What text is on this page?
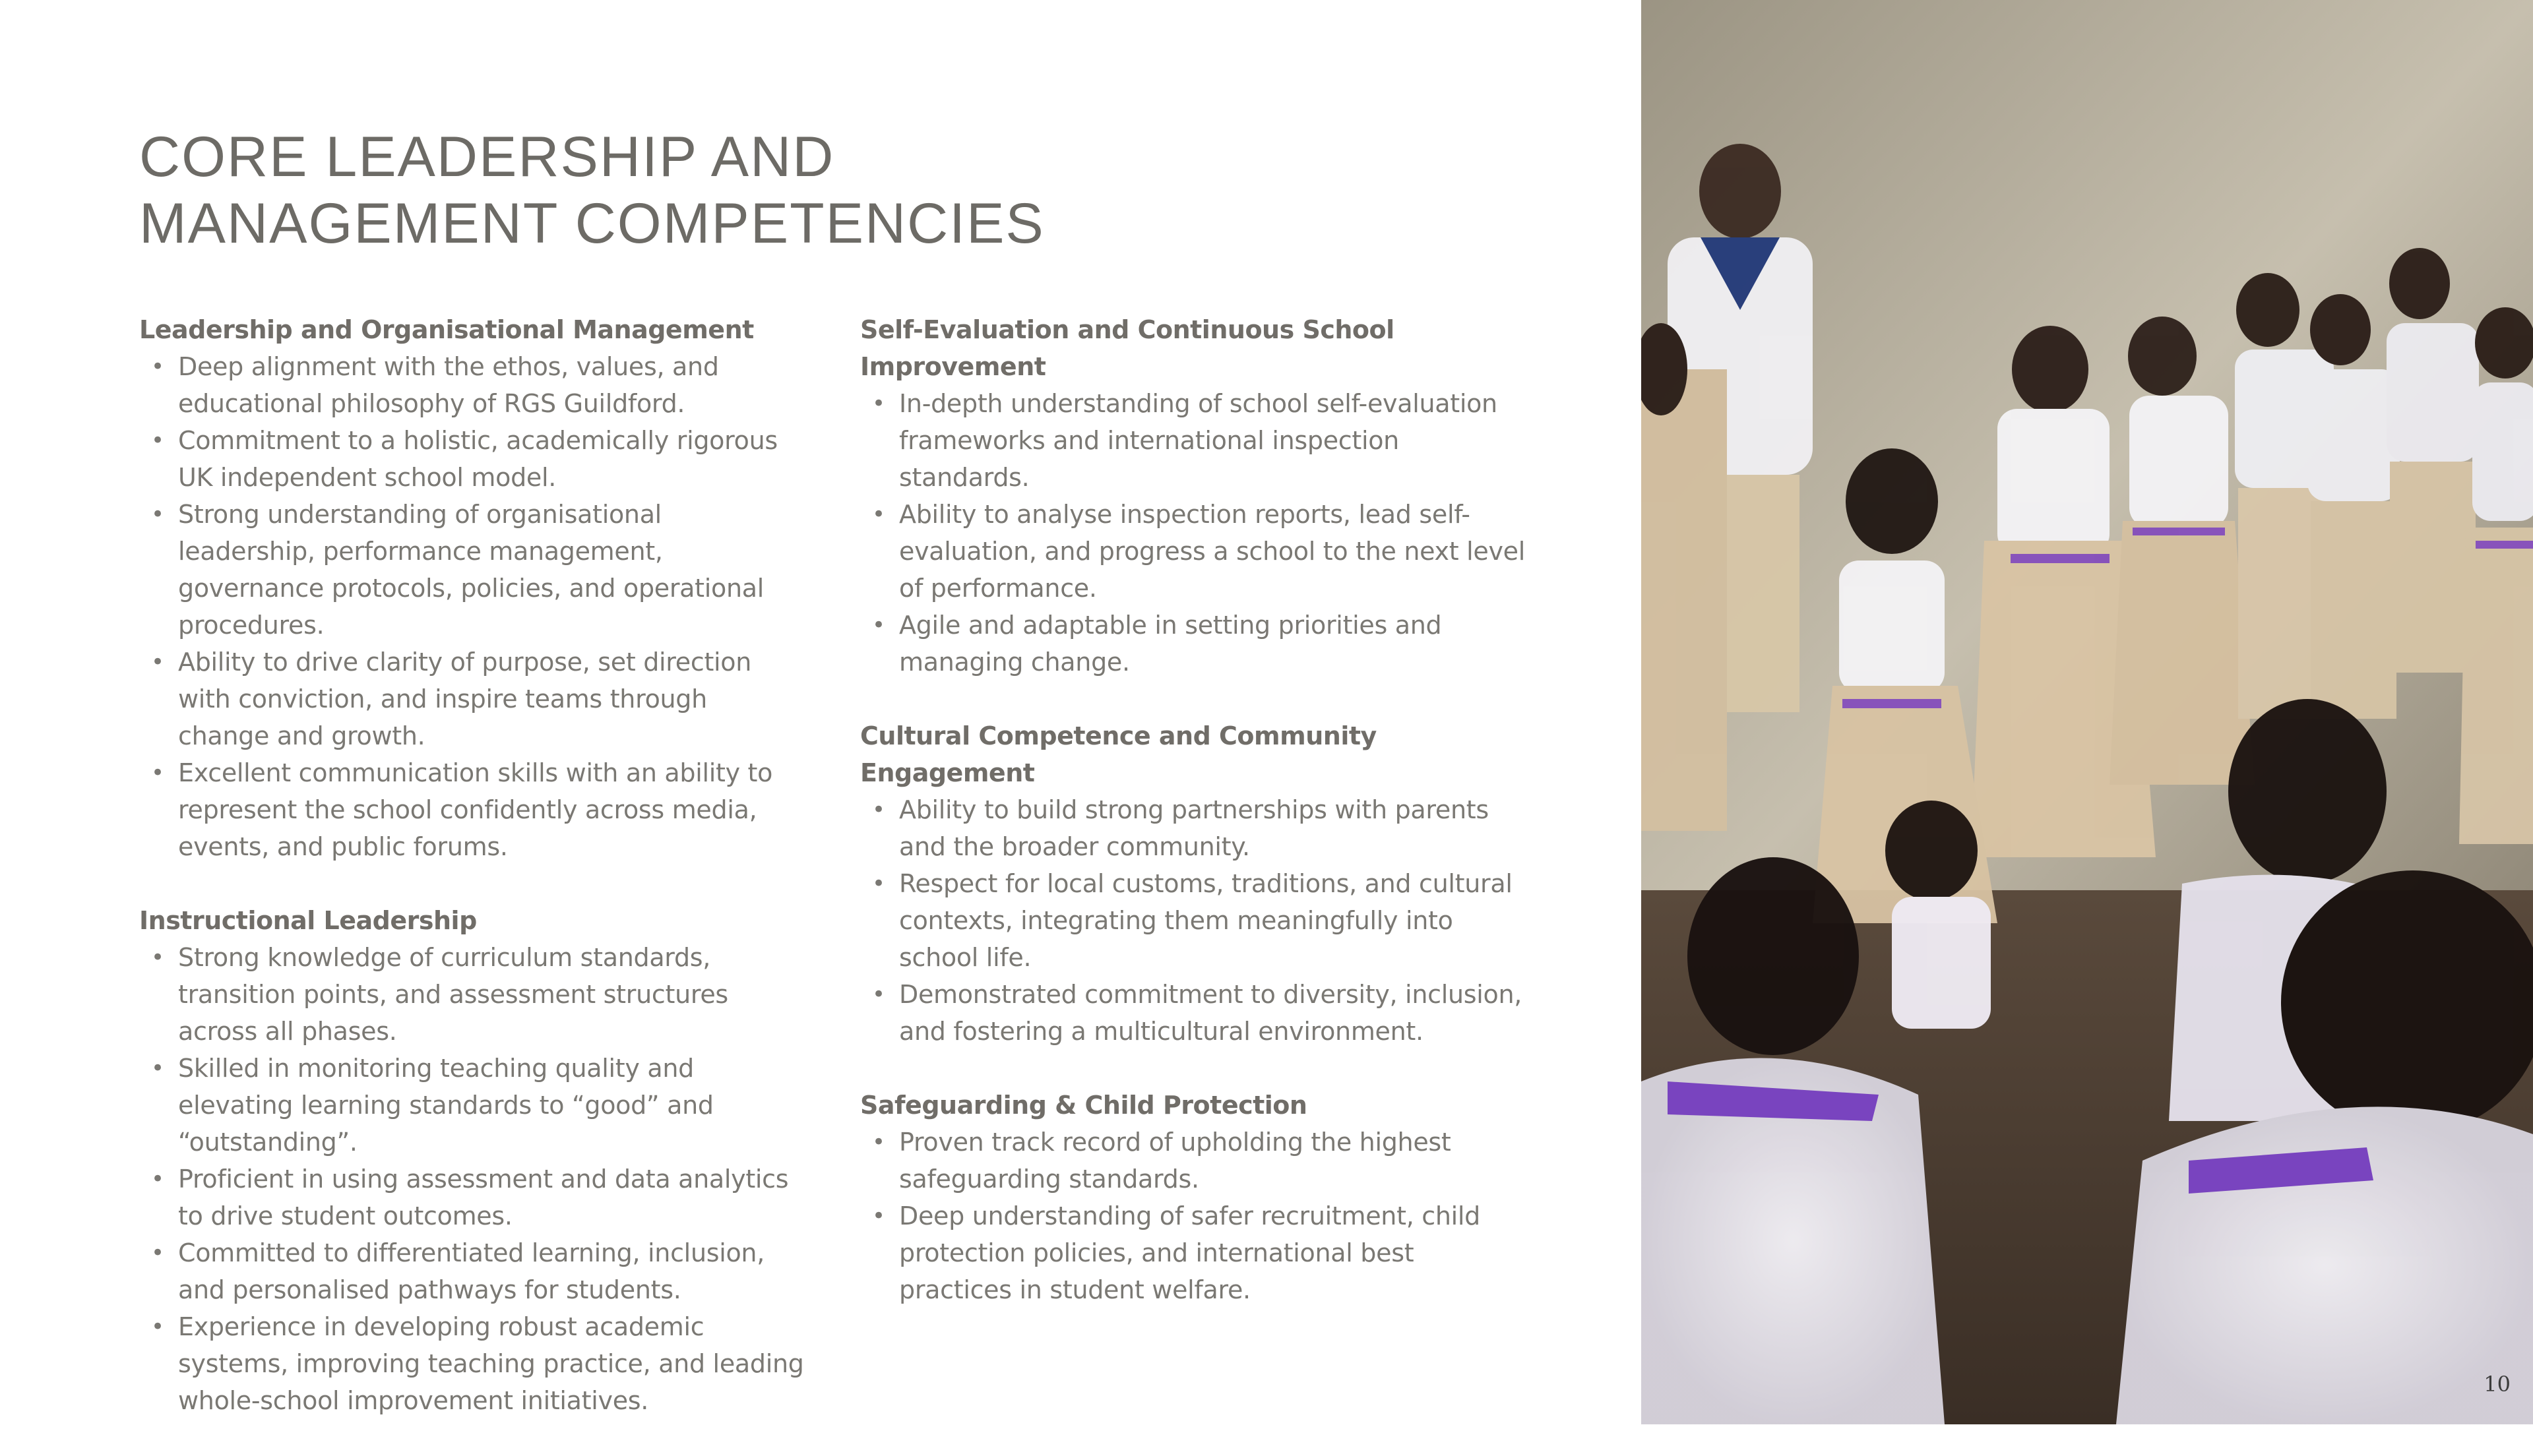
CORE LEADERSHIP AND
MANAGEMENT COMPETENCIES

Leadership and Organisational Management

• Deep alignment with the ethos, values, and educational philosophy of RGS Guildford.
• Commitment to a holistic, academically rigorous UK independent school model.
• Strong understanding of organisational leadership, performance management, governance protocols, policies, and operational procedures.
• Ability to drive clarity of purpose, set direction with conviction, and inspire teams through change and growth.
• Excellent communication skills with an ability to represent the school confidently across media, events, and public forums.

Instructional Leadership

• Strong knowledge of curriculum standards, transition points, and assessment structures across all phases.
• Skilled in monitoring teaching quality and elevating learning standards to “good” and “outstanding”.
• Proficient in using assessment and data analytics to drive student outcomes.
• Committed to differentiated learning, inclusion, and personalised pathways for students.
• Experience in developing robust academic systems, improving teaching practice, and leading whole-school improvement initiatives.

Self-Evaluation and Continuous School Improvement

• In-depth understanding of school self-evaluation frameworks and international inspection standards.
• Ability to analyse inspection reports, lead self-evaluation, and progress a school to the next level of performance.
• Agile and adaptable in setting priorities and managing change.

Cultural Competence and Community Engagement

• Ability to build strong partnerships with parents and the broader community.
• Respect for local customs, traditions, and cultural contexts, integrating them meaningfully into school life.
• Demonstrated commitment to diversity, inclusion, and fostering a multicultural environment.

Safeguarding & Child Protection

• Proven track record of upholding the highest safeguarding standards.
• Deep understanding of safer recruitment, child protection policies, and international best practices in student welfare.
10
